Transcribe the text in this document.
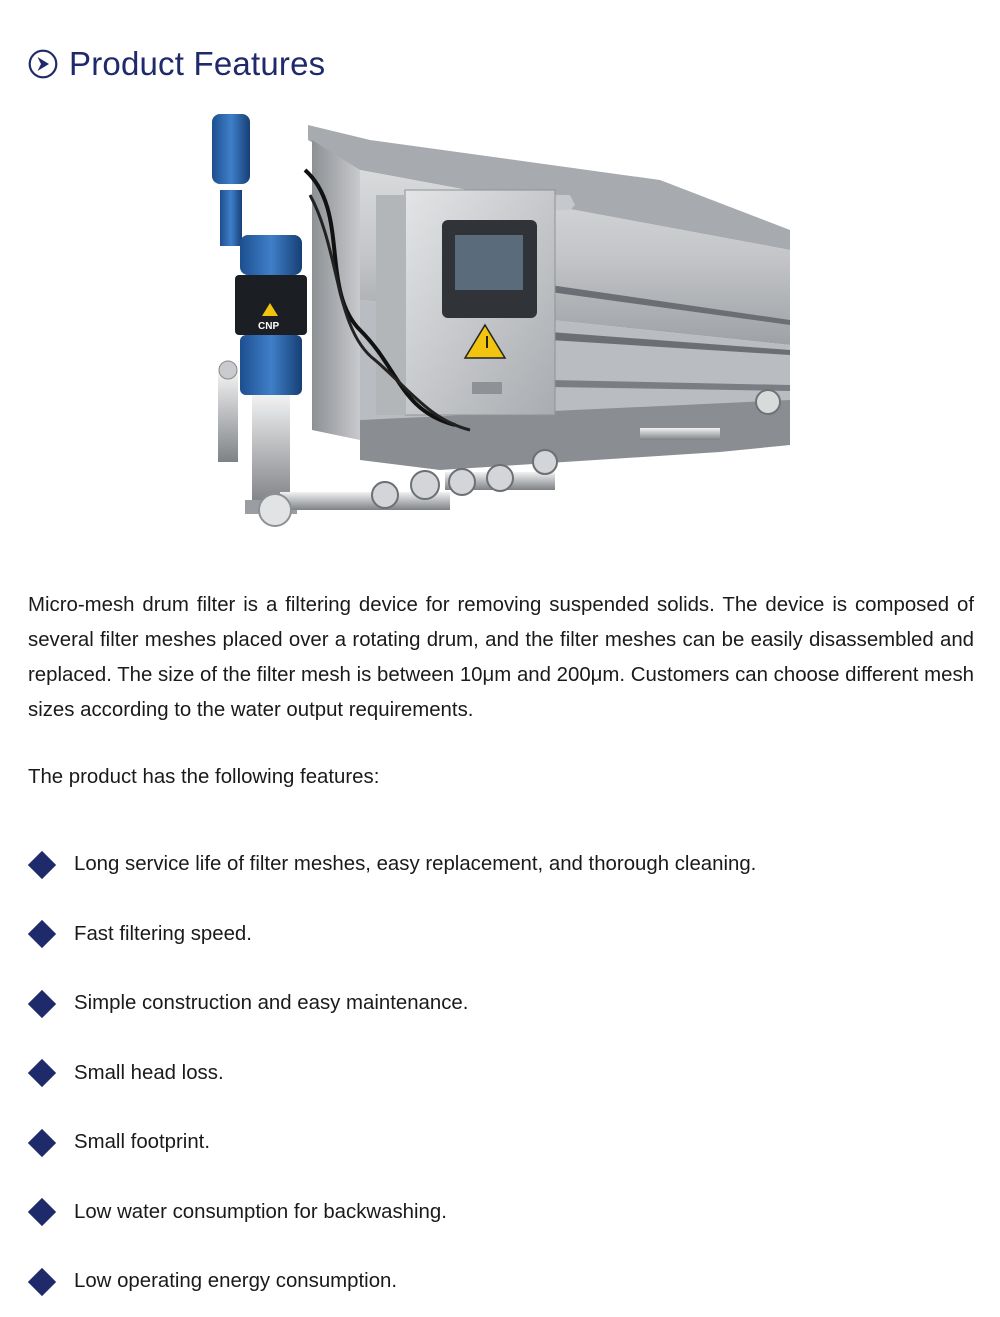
Product Features
CNP

Micro-mesh drum filter is a filtering device for removing suspended solids. The device is composed of several filter meshes placed over a rotating drum, and the filter meshes can be easily disassembled and replaced. The size of the filter mesh is between 10μm and 200μm. Customers can choose different mesh sizes according to the water output requirements.

The product has the following features:

Long service life of filter meshes, easy replacement, and thorough cleaning.
Fast filtering speed.
Simple construction and easy maintenance.
Small head loss.
Small footprint.
Low water consumption for backwashing.
Low operating energy consumption.
